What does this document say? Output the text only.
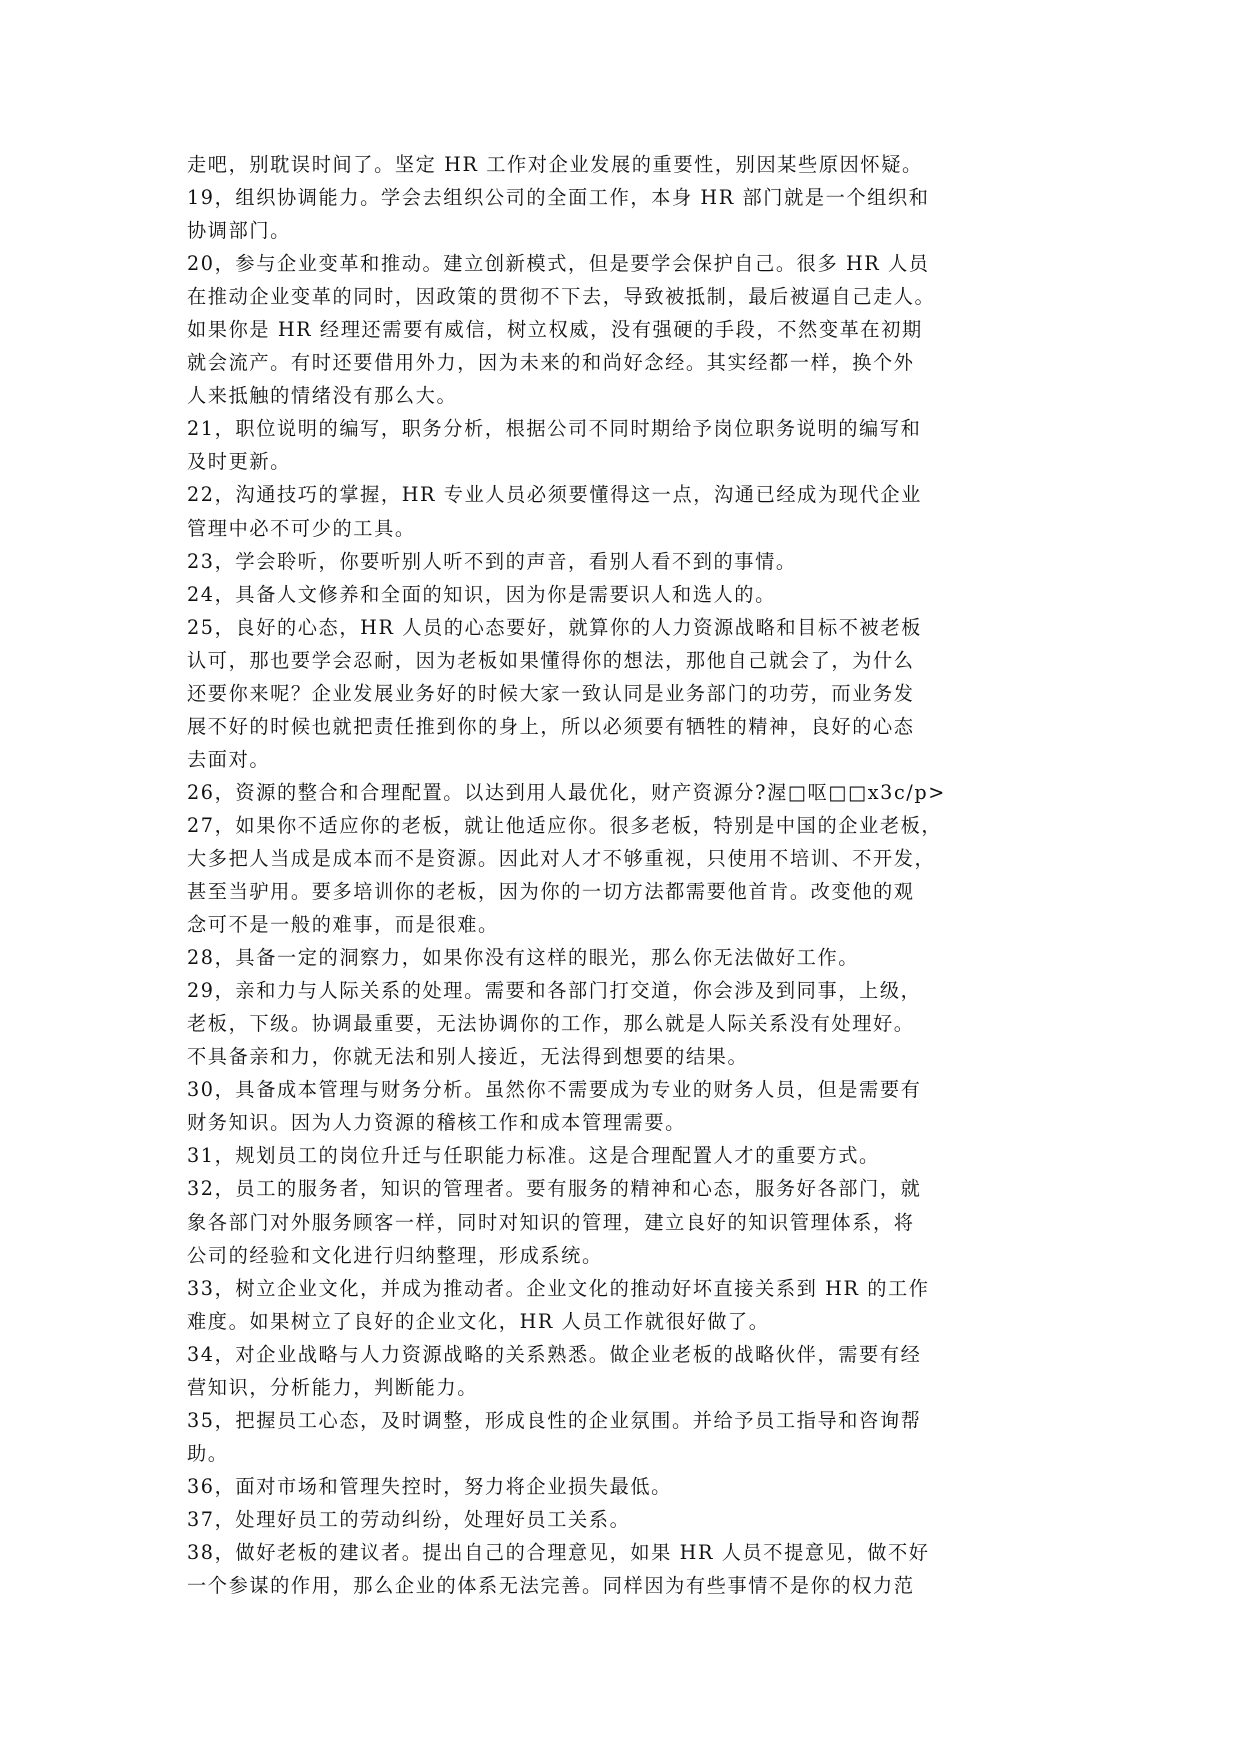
走吧，别耽误时间了。坚定 HR 工作对企业发展的重要性，别因某些原因怀疑。
19，组织协调能力。学会去组织公司的全面工作，本身 HR 部门就是一个组织和
协调部门。
20，参与企业变革和推动。建立创新模式，但是要学会保护自己。很多 HR 人员
在推动企业变革的同时，因政策的贯彻不下去，导致被抵制，最后被逼自己走人。
如果你是 HR 经理还需要有威信，树立权威，没有强硬的手段，不然变革在初期
就会流产。有时还要借用外力，因为未来的和尚好念经。其实经都一样，换个外
人来抵触的情绪没有那么大。
21，职位说明的编写，职务分析，根据公司不同时期给予岗位职务说明的编写和
及时更新。
22，沟通技巧的掌握，HR 专业人员必须要懂得这一点，沟通已经成为现代企业
管理中必不可少的工具。
23，学会聆听，你要听别人听不到的声音，看别人看不到的事情。
24，具备人文修养和全面的知识，因为你是需要识人和选人的。
25，良好的心态，HR 人员的心态要好，就算你的人力资源战略和目标不被老板
认可，那也要学会忍耐，因为老板如果懂得你的想法，那他自己就会了，为什么
还要你来呢？企业发展业务好的时候大家一致认同是业务部门的功劳，而业务发
展不好的时候也就把责任推到你的身上，所以必须要有牺牲的精神，良好的心态
去面对。
26，资源的整合和合理配置。以达到用人最优化，财产资源分?渥□呕□□x3c/p>
27，如果你不适应你的老板，就让他适应你。很多老板，特别是中国的企业老板，
大多把人当成是成本而不是资源。因此对人才不够重视，只使用不培训、不开发，
甚至当驴用。要多培训你的老板，因为你的一切方法都需要他首肯。改变他的观
念可不是一般的难事，而是很难。
28，具备一定的洞察力，如果你没有这样的眼光，那么你无法做好工作。
29，亲和力与人际关系的处理。需要和各部门打交道，你会涉及到同事，上级，
老板，下级。协调最重要，无法协调你的工作，那么就是人际关系没有处理好。
不具备亲和力，你就无法和别人接近，无法得到想要的结果。
30，具备成本管理与财务分析。虽然你不需要成为专业的财务人员，但是需要有
财务知识。因为人力资源的稽核工作和成本管理需要。
31，规划员工的岗位升迁与任职能力标准。这是合理配置人才的重要方式。
32，员工的服务者，知识的管理者。要有服务的精神和心态，服务好各部门，就
象各部门对外服务顾客一样，同时对知识的管理，建立良好的知识管理体系，将
公司的经验和文化进行归纳整理，形成系统。
33，树立企业文化，并成为推动者。企业文化的推动好坏直接关系到 HR 的工作
难度。如果树立了良好的企业文化，HR 人员工作就很好做了。
34，对企业战略与人力资源战略的关系熟悉。做企业老板的战略伙伴，需要有经
营知识，分析能力，判断能力。
35，把握员工心态，及时调整，形成良性的企业氛围。并给予员工指导和咨询帮
助。
36，面对市场和管理失控时，努力将企业损失最低。
37，处理好员工的劳动纠纷，处理好员工关系。
38，做好老板的建议者。提出自己的合理意见，如果 HR 人员不提意见，做不好
一个参谋的作用，那么企业的体系无法完善。同样因为有些事情不是你的权力范
